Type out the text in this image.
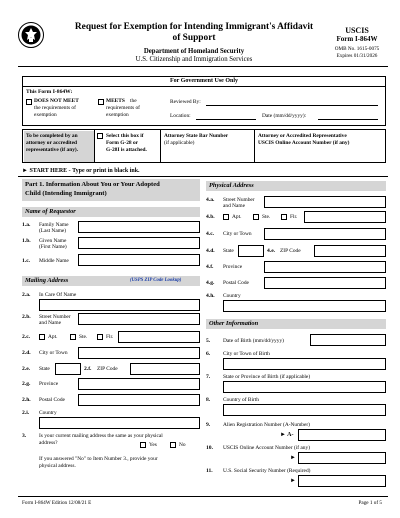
Request for Exemption for Intending Immigrant's Affidavit
of Support
Department of Homeland Security
U.S. Citizenship and Immigration Services
USCIS
Form I-864W
OMB No. 1615-0075
Expires 01/31/2026
For Government Use Only
This Form I-864W:
DOES NOT MEET
the requirements of
exemption
MEETS the
requirements of
exemption
Reviewed By:
Location:	Date (mm/dd/yyyy):
To be completed by an
attorney or accredited
representative (if any).
Select this box if
Form G-28 or
G-28I is attached.
Attorney State Bar Number
(if applicable)
Attorney or Accredited Representative
USCIS Online Account Number (if any)
► START HERE - Type or print in black ink.
Part 1. Information About You or Your Adopted
Child (Intending Immigrant)
Name of Requestor
1.a. Family Name
(Last Name)
1.b. Given Name
(First Name)
1.c. Middle Name
Mailing Address	(USPS ZIP Code Lookup)
2.a. In Care Of Name
2.b. Street Number
and Name
2.c.	Apt.	Ste.	Flr.
2.d. City or Town
2.e. State	2.f. ZIP Code
2.g. Province
2.h. Postal Code
2.i. Country
3. Is your current mailing address the same as your physical
address?	Yes	No
If you answered "No" to Item Number 3., provide your
physical address.
Physical Address
4.a. Street Number
and Name
4.b.	Apt.	Ste.	Flr.
4.c. City or Town
4.d. State	4.e. ZIP Code
4.f. Province
4.g. Postal Code
4.h. Country
Other Information
5. Date of Birth (mm/dd/yyyy)
6. City or Town of Birth
7. State or Province of Birth (if applicable)
8. Country of Birth
9. Alien Registration Number (A-Number)
► A-
10. USCIS Online Account Number (if any)
►
11. U.S. Social Security Number (Required)
►
Form I-864W Edition 12/08/21 E	Page 1 of 5
